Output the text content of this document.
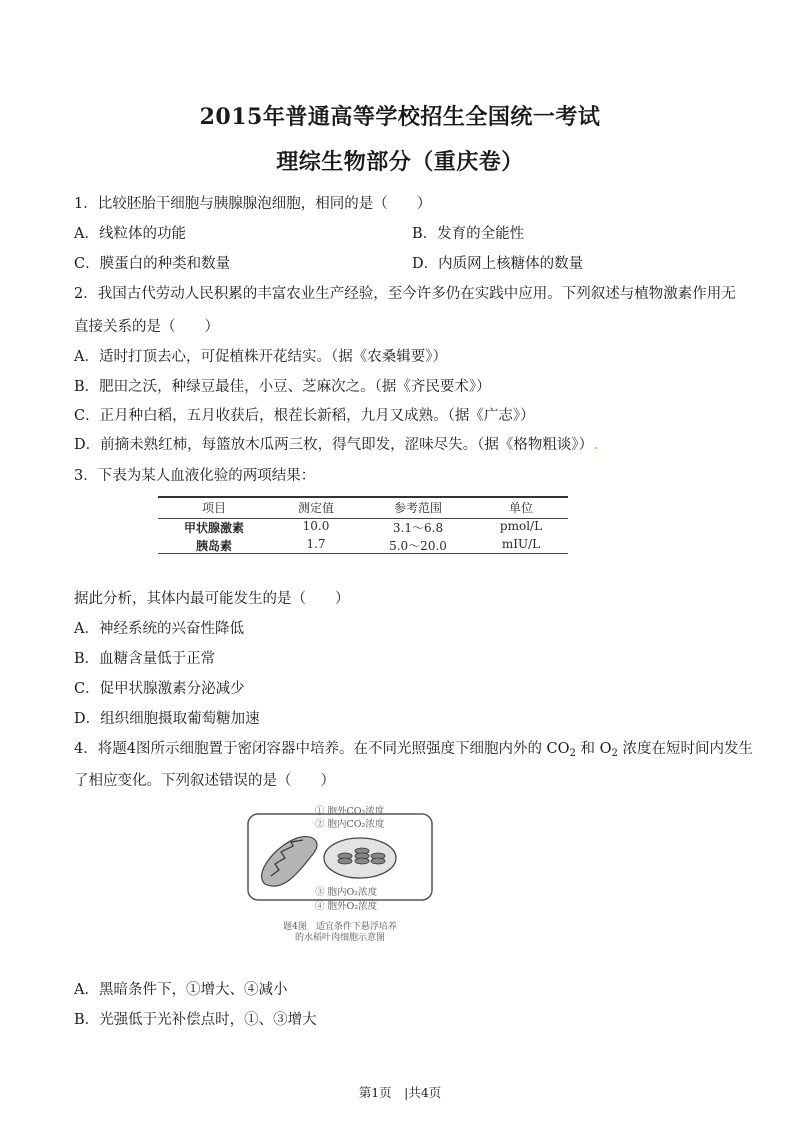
2015年普通高等学校招生全国统一考试
理综生物部分（重庆卷）
1．比较胚胎干细胞与胰腺腺泡细胞，相同的是（　　）
A．线粒体的功能	B．发育的全能性
C．膜蛋白的种类和数量	D．内质网上核糖体的数量
2．我国古代劳动人民积累的丰富农业生产经验，至今许多仍在实践中应用。下列叙述与植物激素作用无
直接关系的是（　　）
A．适时打顶去心，可促植株开花结实。（据《农桑辑要》）
B．肥田之沃，种绿豆最佳，小豆、芝麻次之。（据《齐民要术》）
C．正月种白稻，五月收获后，根茬长新稻，九月又成熟。（据《广志》）
D．前摘未熟红柿，每篮放木瓜两三枚，得气即发，涩味尽失。（据《格物粗谈》）.
3．下表为某人血液化验的两项结果：
项目	测定值	参考范围	单位
甲状腺激素	10.0	3.1～6.8	pmol/L
胰岛素	1.7	5.0～20.0	mIU/L
据此分析，其体内最可能发生的是（　　）
A．神经系统的兴奋性降低
B．血糖含量低于正常
C．促甲状腺激素分泌减少
D．组织细胞摄取葡萄糖加速
4．将题4图所示细胞置于密闭容器中培养。在不同光照强度下细胞内外的 $CO_2$ 和 $O_2$ 浓度在短时间内发生
了相应变化。下列叙述错误的是（　　）
① 胞外CO₂浓度
② 胞内CO₂浓度
③ 胞内O₂浓度
④ 胞外O₂浓度
题4图　适宜条件下悬浮培养
的水稻叶肉细胞示意图
A．黑暗条件下，①增大、④减小
B．光强低于光补偿点时，①、③增大
第1页　|共4页
